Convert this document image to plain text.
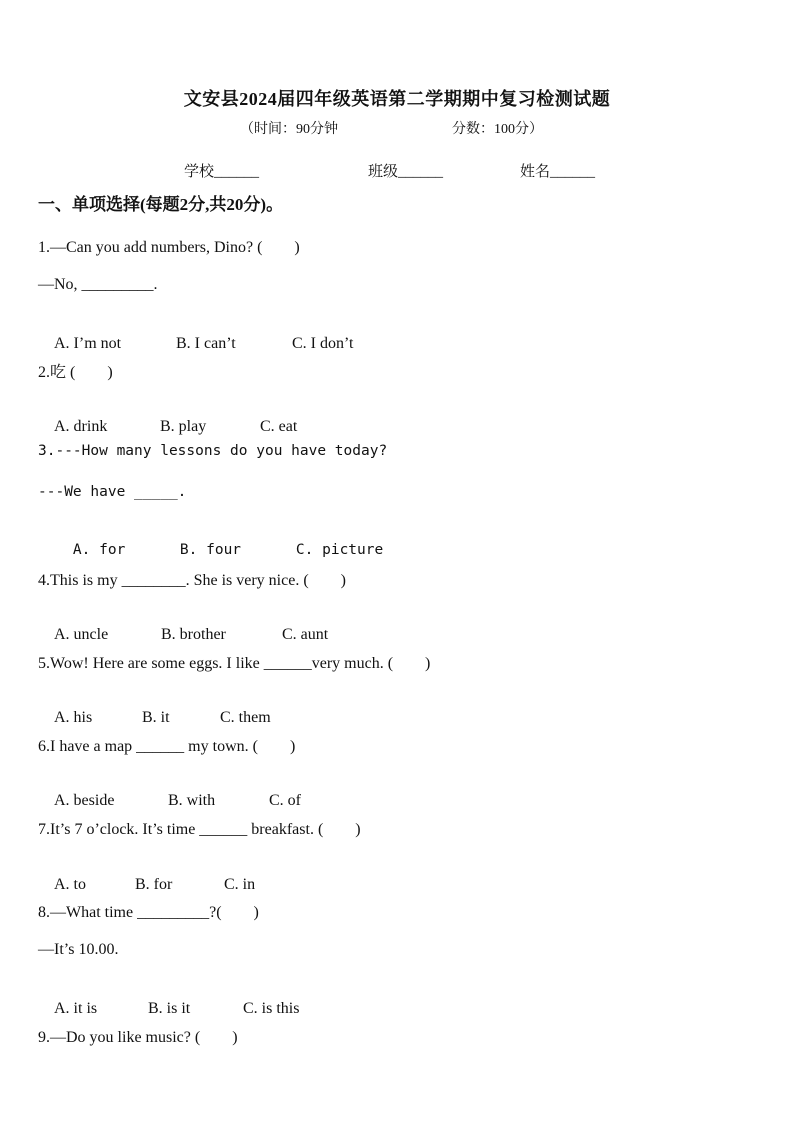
文安县2024届四年级英语第二学期期中复习检测试题
（时间：90分钟	分数：100分）
学校______	班级______	姓名______
一、单项选择(每题2分,共20分)。
1.—Can you add numbers, Dino? (　　)
—No, _________.

A. I’m not	B. I can’t	C. I don’t

2.吃 (　　)

A. drink	B. play	C. eat

3.---How many lessons do you have today?
---We have _____.

A. for	B. four	C. picture

4.This is my ________. She is very nice. (　　)

A. uncle	B. brother	C. aunt

5.Wow! Here are some eggs. I like ______very much. (　　)

A. his	B. it	C. them

6.I have a map ______ my town. (　　)

A. beside	B. with	C. of

7.It’s 7 o’clock. It’s time ______ breakfast. (　　)

A. to	B. for	C. in

8.—What time _________?(　　)
—It’s 10.00.

A. it is	B. is it	C. is this

9.—Do you like music? (　　)
